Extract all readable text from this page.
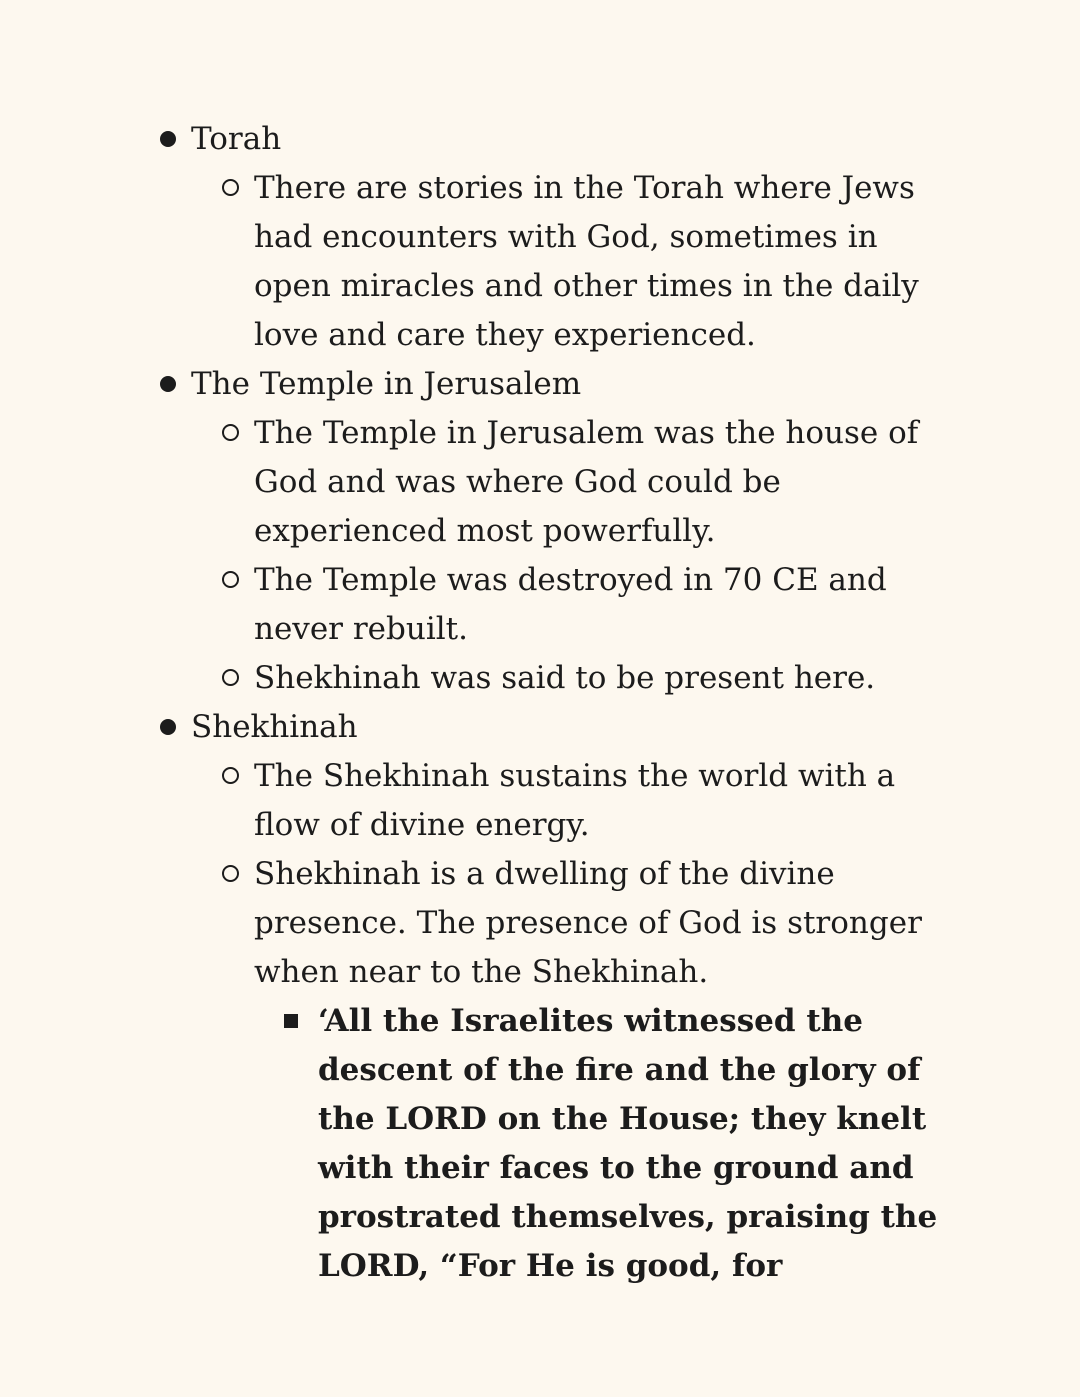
Torah
There are stories in the Torah where Jews had encounters with God, sometimes in open miracles and other times in the daily love and care they experienced.
The Temple in Jerusalem
The Temple in Jerusalem was the house of God and was where God could be experienced most powerfully.
The Temple was destroyed in 70 CE and never rebuilt.
Shekhinah was said to be present here.
Shekhinah
The Shekhinah sustains the world with a flow of divine energy.
Shekhinah is a dwelling of the divine presence. The presence of God is stronger when near to the Shekhinah.
‘All the Israelites witnessed the descent of the fire and the glory of the LORD on the House; they knelt with their faces to the ground and prostrated themselves, praising the LORD, “For He is good, for
